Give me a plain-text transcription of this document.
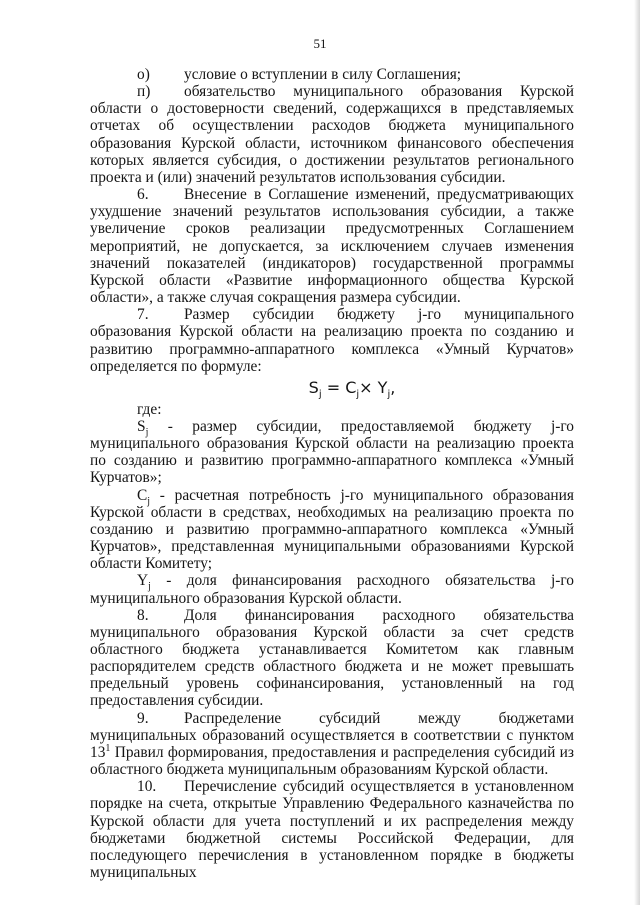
51

о) условие о вступлении в силу Соглашения;

п) обязательство муниципального образования Курской области о достоверности сведений, содержащихся в представляемых отчетах об осуществлении расходов бюджета муниципального образования Курской области, источником финансового обеспечения которых является субсидия, о достижении результатов регионального проекта и (или) значений результатов использования субсидии.

6. Внесение в Соглашение изменений, предусматривающих ухудшение значений результатов использования субсидии, а также увеличение сроков реализации предусмотренных Соглашением мероприятий, не допускается, за исключением случаев изменения значений показателей (индикаторов) государственной программы Курской области «Развитие информационного общества Курской области», а также случая сокращения размера субсидии.

7. Размер субсидии бюджету j-го муниципального образования Курской области на реализацию проекта по созданию и развитию программно-аппаратного комплекса «Умный Курчатов» определяется по формуле:

$S_j = C_j\times Y_j$,

где:

$S_j$ - размер субсидии, предоставляемой бюджету j-го муниципального образования Курской области на реализацию проекта по созданию и развитию программно-аппаратного комплекса «Умный Курчатов»;

$C_j$ - расчетная потребность j-го муниципального образования Курской области в средствах, необходимых на реализацию проекта по созданию и развитию программно-аппаратного комплекса «Умный Курчатов», представленная муниципальными образованиями Курской области Комитету;

$Y_j$ - доля финансирования расходного обязательства j-го муниципального образования Курской области.

8. Доля финансирования расходного обязательства муниципального образования Курской области за счет средств областного бюджета устанавливается Комитетом как главным распорядителем средств областного бюджета и не может превышать предельный уровень софинансирования, установленный на год предоставления субсидии.

9. Распределение субсидий между бюджетами муниципальных образований осуществляется в соответствии с пунктом $13^1$ Правил формирования, предоставления и распределения субсидий из областного бюджета муниципальным образованиям Курской области.

10. Перечисление субсидий осуществляется в установленном порядке на счета, открытые Управлению Федерального казначейства по Курской области для учета поступлений и их распределения между бюджетами бюджетной системы Российской Федерации, для последующего перечисления в установленном порядке в бюджеты муниципальных
